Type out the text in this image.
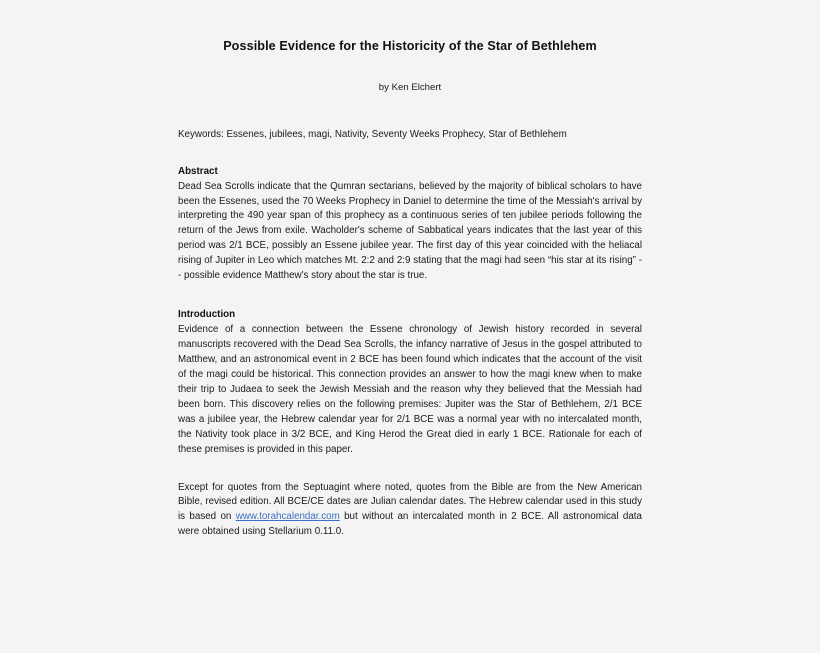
Possible Evidence for the Historicity of the Star of Bethlehem

by Ken Elchert

Keywords: Essenes, jubilees, magi, Nativity, Seventy Weeks Prophecy, Star of Bethlehem

Abstract

Dead Sea Scrolls indicate that the Qumran sectarians, believed by the majority of biblical scholars to have been the Essenes, used the 70 Weeks Prophecy in Daniel to determine the time of the Messiah's arrival by interpreting the 490 year span of this prophecy as a continuous series of ten jubilee periods following the return of the Jews from exile. Wacholder's scheme of Sabbatical years indicates that the last year of this period was 2/1 BCE, possibly an Essene jubilee year. The first day of this year coincided with the heliacal rising of Jupiter in Leo which matches Mt. 2:2 and 2:9 stating that the magi had seen “his star at its rising” -- possible evidence Matthew's story about the star is true.

Introduction

Evidence of a connection between the Essene chronology of Jewish history recorded in several manuscripts recovered with the Dead Sea Scrolls, the infancy narrative of Jesus in the gospel attributed to Matthew, and an astronomical event in 2 BCE has been found which indicates that the account of the visit of the magi could be historical. This connection provides an answer to how the magi knew when to make their trip to Judaea to seek the Jewish Messiah and the reason why they believed that the Messiah had been born. This discovery relies on the following premises: Jupiter was the Star of Bethlehem, 2/1 BCE was a jubilee year, the Hebrew calendar year for 2/1 BCE was a normal year with no intercalated month, the Nativity took place in 3/2 BCE, and King Herod the Great died in early 1 BCE. Rationale for each of these premises is provided in this paper.

Except for quotes from the Septuagint where noted, quotes from the Bible are from the New American Bible, revised edition. All BCE/CE dates are Julian calendar dates. The Hebrew calendar used in this study is based on www.torahcalendar.com but without an intercalated month in 2 BCE. All astronomical data were obtained using Stellarium 0.11.0.
